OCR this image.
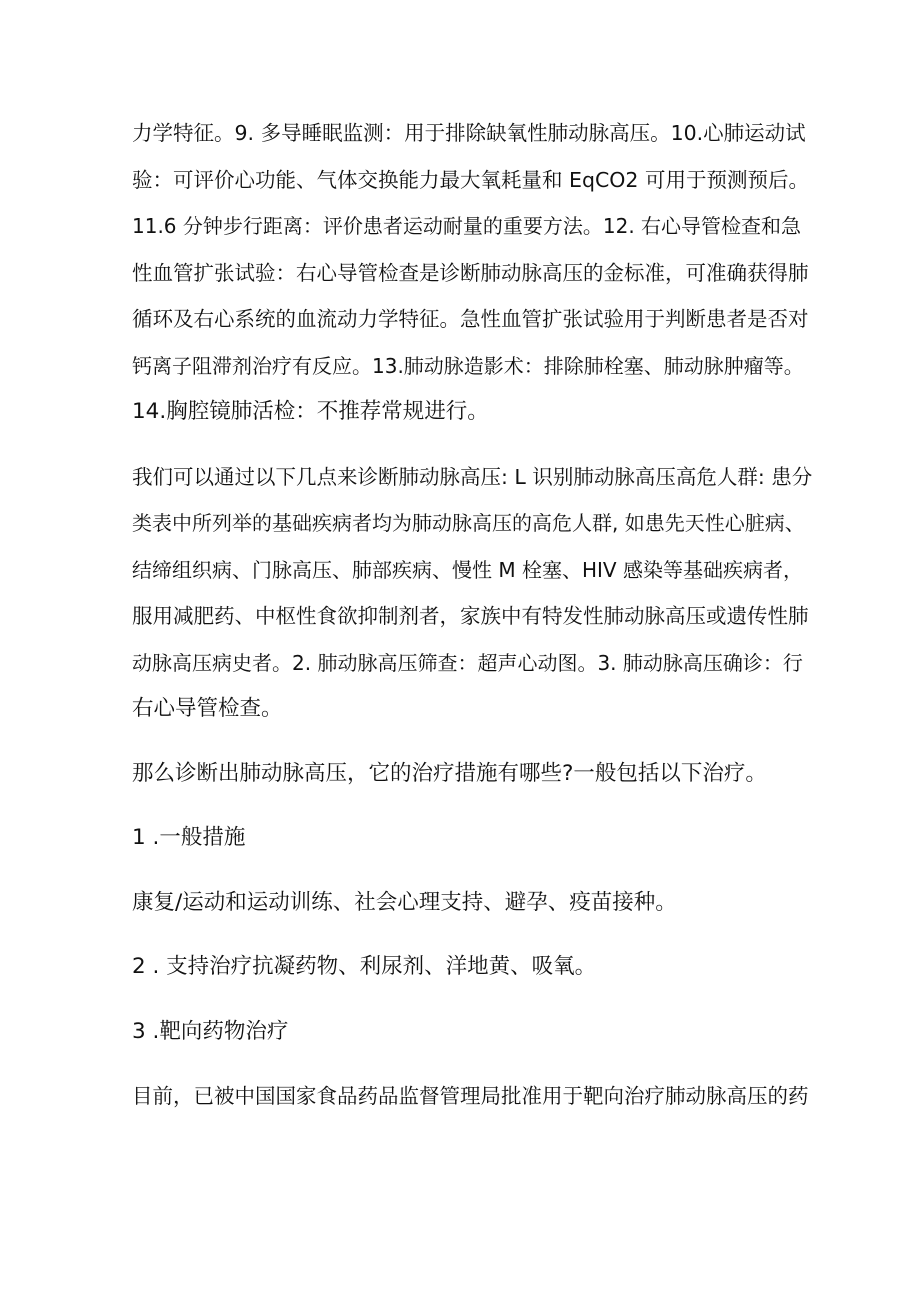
力学特征。9. 多导睡眠监测：用于排除缺氧性肺动脉高压。10.心肺运动试
验：可评价心功能、气体交换能力最大氧耗量和 EqCO2 可用于预测预后。
11.6 分钟步行距离：评价患者运动耐量的重要方法。12. 右心导管检查和急
性血管扩张试验：右心导管检查是诊断肺动脉高压的金标准，可准确获得肺
循环及右心系统的血流动力学特征。急性血管扩张试验用于判断患者是否对
钙离子阻滞剂治疗有反应。13.肺动脉造影术：排除肺栓塞、肺动脉肿瘤等。
14.胸腔镜肺活检：不推荐常规进行。
我们可以通过以下几点来诊断肺动脉高压: L 识别肺动脉高压高危人群: 患分
类表中所列举的基础疾病者均为肺动脉高压的高危人群, 如患先天性心脏病、
结缔组织病、门脉高压、肺部疾病、慢性 M 栓塞、HIV 感染等基础疾病者，
服用减肥药、中枢性食欲抑制剂者，家族中有特发性肺动脉高压或遗传性肺
动脉高压病史者。2. 肺动脉高压筛查：超声心动图。3. 肺动脉高压确诊：行
右心导管检查。
那么诊断出肺动脉高压，它的治疗措施有哪些?一般包括以下治疗。
1 .一般措施
康复/运动和运动训练、社会心理支持、避孕、疫苗接种。
2 . 支持治疗抗凝药物、利尿剂、洋地黄、吸氧。
3 .靶向药物治疗
目前，已被中国国家食品药品监督管理局批准用于靶向治疗肺动脉高压的药
